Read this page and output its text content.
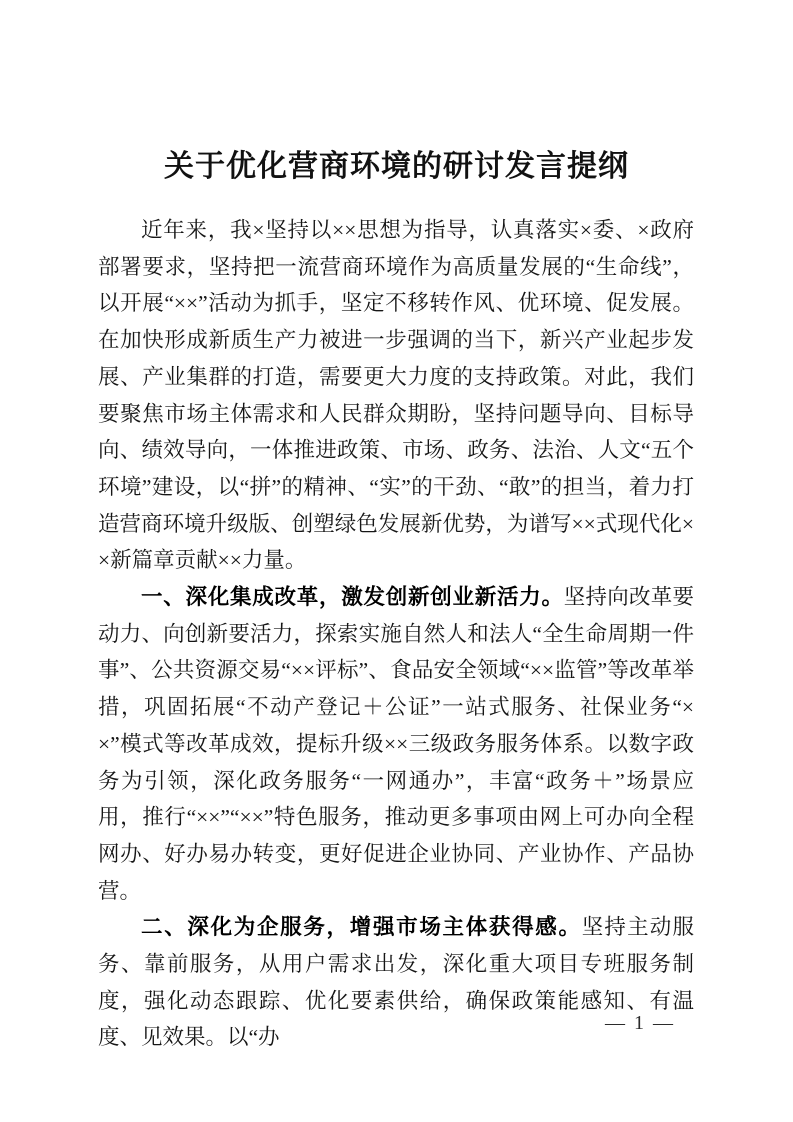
关于优化营商环境的研讨发言提纲

近年来，我×坚持以××思想为指导，认真落实×委、×政府部署要求，坚持把一流营商环境作为高质量发展的“生命线”，以开展“××”活动为抓手，坚定不移转作风、优环境、促发展。在加快形成新质生产力被进一步强调的当下，新兴产业起步发展、产业集群的打造，需要更大力度的支持政策。对此，我们要聚焦市场主体需求和人民群众期盼，坚持问题导向、目标导向、绩效导向，一体推进政策、市场、政务、法治、人文“五个环境”建设，以“拼”的精神、“实”的干劲、“敢”的担当，着力打造营商环境升级版、创塑绿色发展新优势，为谱写××式现代化××新篇章贡献××力量。

一、深化集成改革，激发创新创业新活力。坚持向改革要动力、向创新要活力，探索实施自然人和法人“全生命周期一件事”、公共资源交易“××评标”、食品安全领域“××监管”等改革举措，巩固拓展“不动产登记＋公证”一站式服务、社保业务“××”模式等改革成效，提标升级××三级政务服务体系。以数字政务为引领，深化政务服务“一网通办”，丰富“政务＋”场景应用，推行“××”“××”特色服务，推动更多事项由网上可办向全程网办、好办易办转变，更好促进企业协同、产业协作、产品协营。

二、深化为企服务，增强市场主体获得感。坚持主动服务、靠前服务，从用户需求出发，深化重大项目专班服务制度，强化动态跟踪、优化要素供给，确保政策能感知、有温度、见效果。以“办

— 1 —
